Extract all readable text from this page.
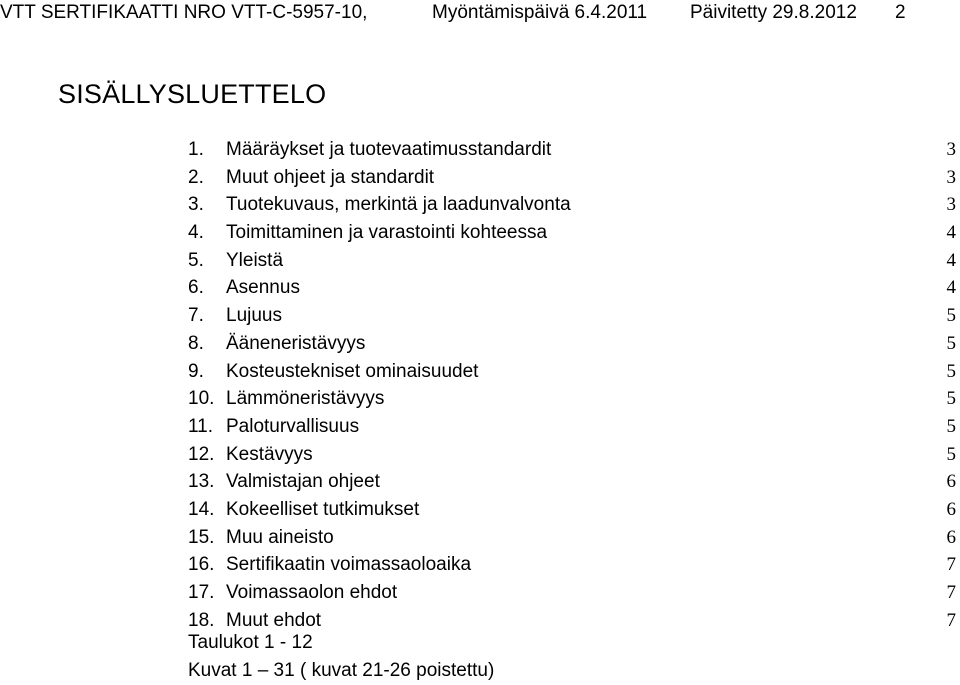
VTT SERTIFIKAATTI NRO VTT-C-5957-10,	Myöntämispäivä 6.4.2011 Päivitetty 29.8.2012 2
SISÄLLYSLUETTELO
1. Määräykset ja tuotevaatimusstandardit	3
2. Muut ohjeet ja standardit	3
3. Tuotekuvaus, merkintä ja laadunvalvonta	3
4. Toimittaminen ja varastointi kohteessa	4
5. Yleistä	4
6. Asennus	4
7. Lujuus	5
8. Ääneneristävyys	5
9. Kosteustekniset ominaisuudet	5
10. Lämmöneristävyys	5
11. Paloturvallisuus	5
12. Kestävyys	5
13. Valmistajan ohjeet	6
14. Kokeelliset tutkimukset	6
15. Muu aineisto	6
16. Sertifikaatin voimassaoloaika	7
17. Voimassaolon ehdot	7
18. Muut ehdot	7
Taulukot 1 - 12
Kuvat 1 – 31 ( kuvat 21-26 poistettu)
